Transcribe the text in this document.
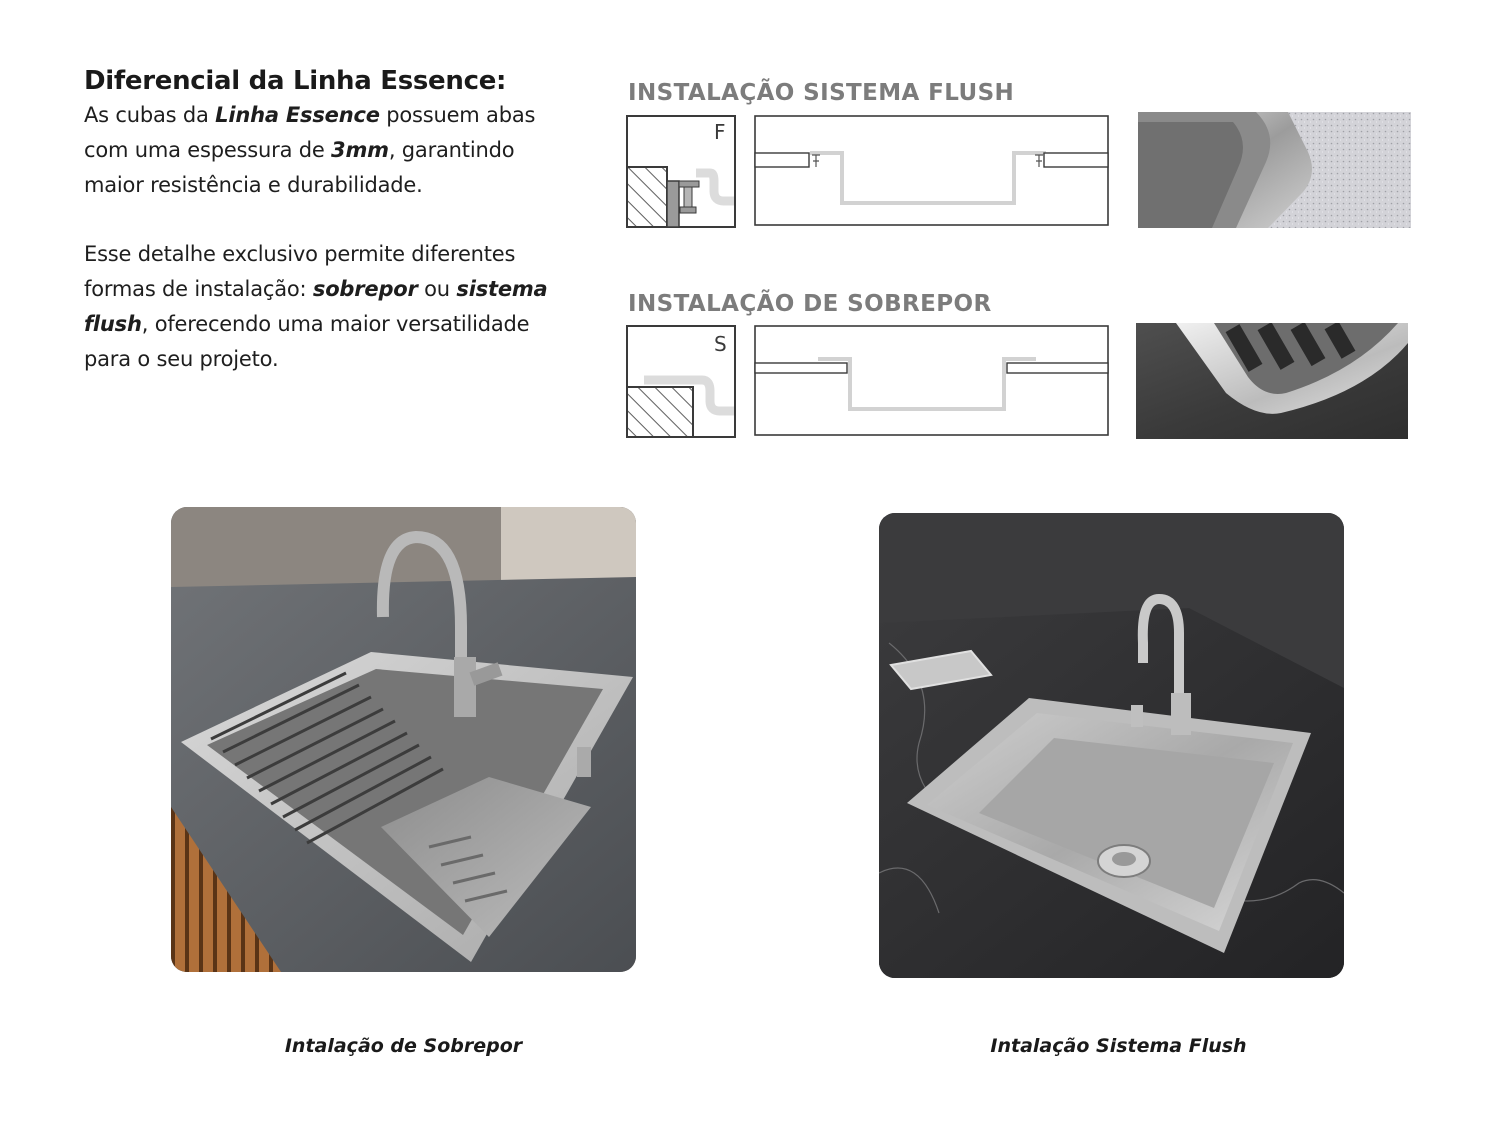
Diferencial da Linha Essence:

As cubas da Linha Essence possuem abas com uma espessura de 3mm, garantindo maior resistência e durabilidade.

Esse detalhe exclusivo permite diferentes formas de instalação: sobrepor ou sistema flush, oferecendo uma maior versatilidade para o seu projeto.

INSTALAÇÃO SISTEMA FLUSH
F
INSTALAÇÃO DE SOBREPOR
S
Intalação de Sobrepor	Intalação Sistema Flush
